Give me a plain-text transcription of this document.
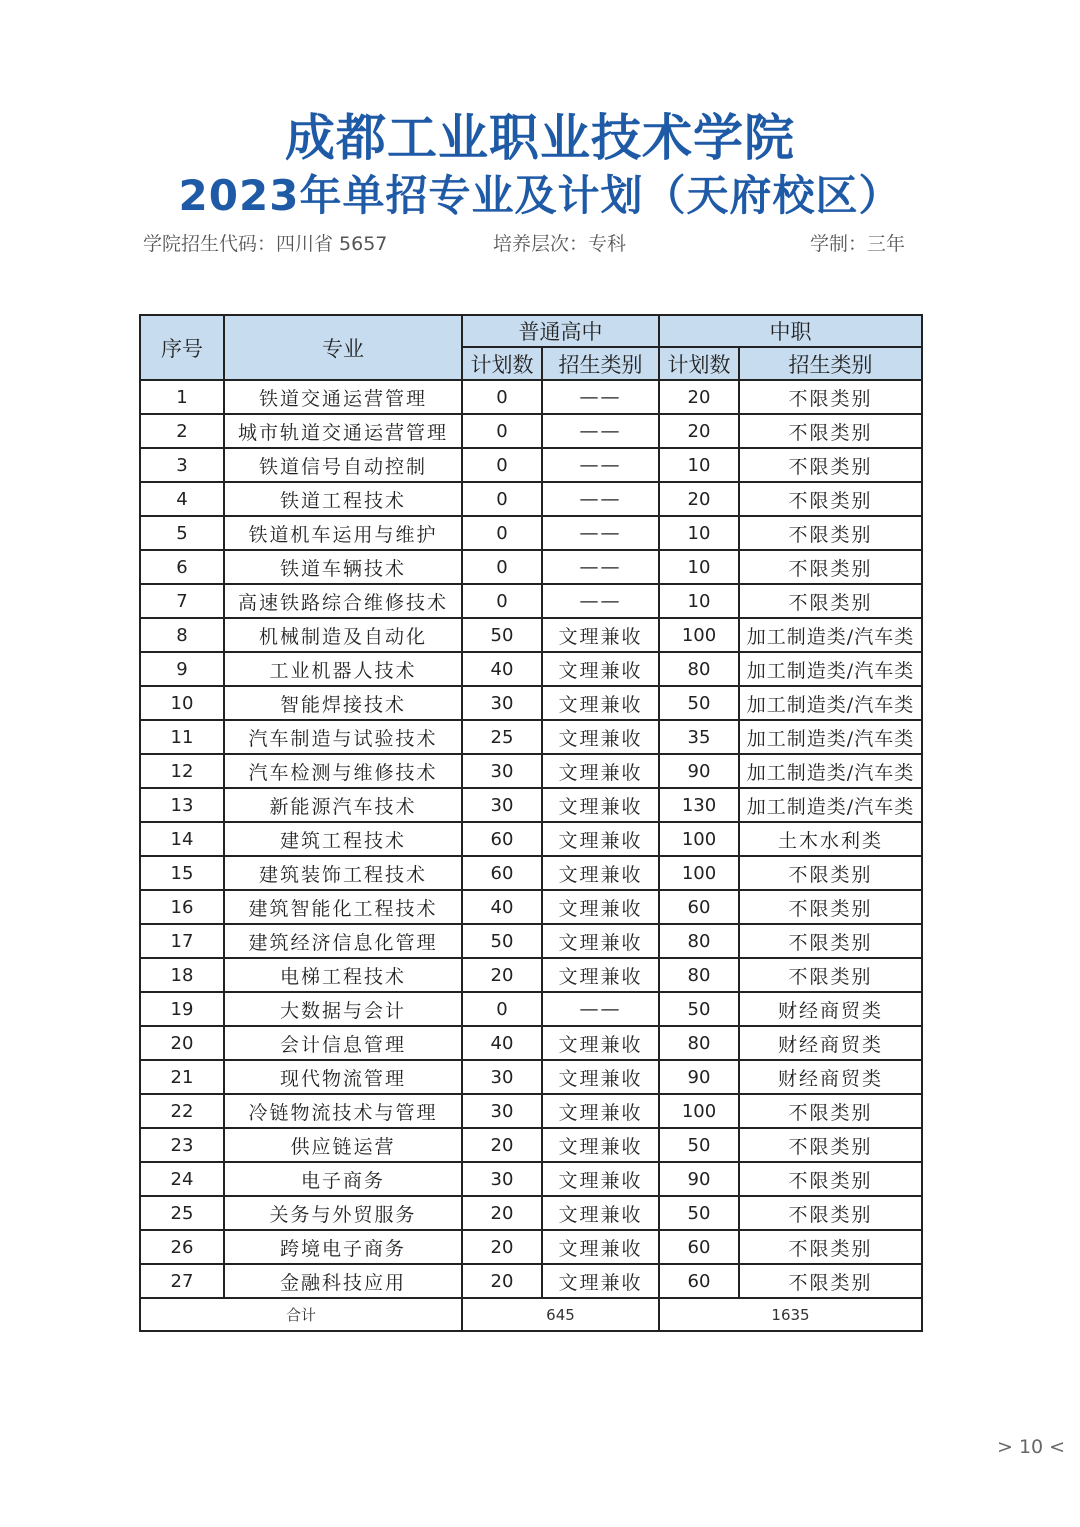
成都工业职业技术学院
2023年单招专业及计划（天府校区）
学院招生代码：四川省 5657	培养层次：专科	学制：三年
序号	专业	普通高中		中职	
		计划数	招生类别	计划数	招生类别
1	铁道交通运营管理	0	——	20	不限类别
2	城市轨道交通运营管理	0	——	20	不限类别
3	铁道信号自动控制	0	——	10	不限类别
4	铁道工程技术	0	——	20	不限类别
5	铁道机车运用与维护	0	——	10	不限类别
6	铁道车辆技术	0	——	10	不限类别
7	高速铁路综合维修技术	0	——	10	不限类别
8	机械制造及自动化	50	文理兼收	100	加工制造类/汽车类
9	工业机器人技术	40	文理兼收	80	加工制造类/汽车类
10	智能焊接技术	30	文理兼收	50	加工制造类/汽车类
11	汽车制造与试验技术	25	文理兼收	35	加工制造类/汽车类
12	汽车检测与维修技术	30	文理兼收	90	加工制造类/汽车类
13	新能源汽车技术	30	文理兼收	130	加工制造类/汽车类
14	建筑工程技术	60	文理兼收	100	土木水利类
15	建筑装饰工程技术	60	文理兼收	100	不限类别
16	建筑智能化工程技术	40	文理兼收	60	不限类别
17	建筑经济信息化管理	50	文理兼收	80	不限类别
18	电梯工程技术	20	文理兼收	80	不限类别
19	大数据与会计	0	——	50	财经商贸类
20	会计信息管理	40	文理兼收	80	财经商贸类
21	现代物流管理	30	文理兼收	90	财经商贸类
22	冷链物流技术与管理	30	文理兼收	100	不限类别
23	供应链运营	20	文理兼收	50	不限类别
24	电子商务	30	文理兼收	90	不限类别
25	关务与外贸服务	20	文理兼收	50	不限类别
26	跨境电子商务	20	文理兼收	60	不限类别
27	金融科技应用	20	文理兼收	60	不限类别
合计		645		1635	
> 10 <
